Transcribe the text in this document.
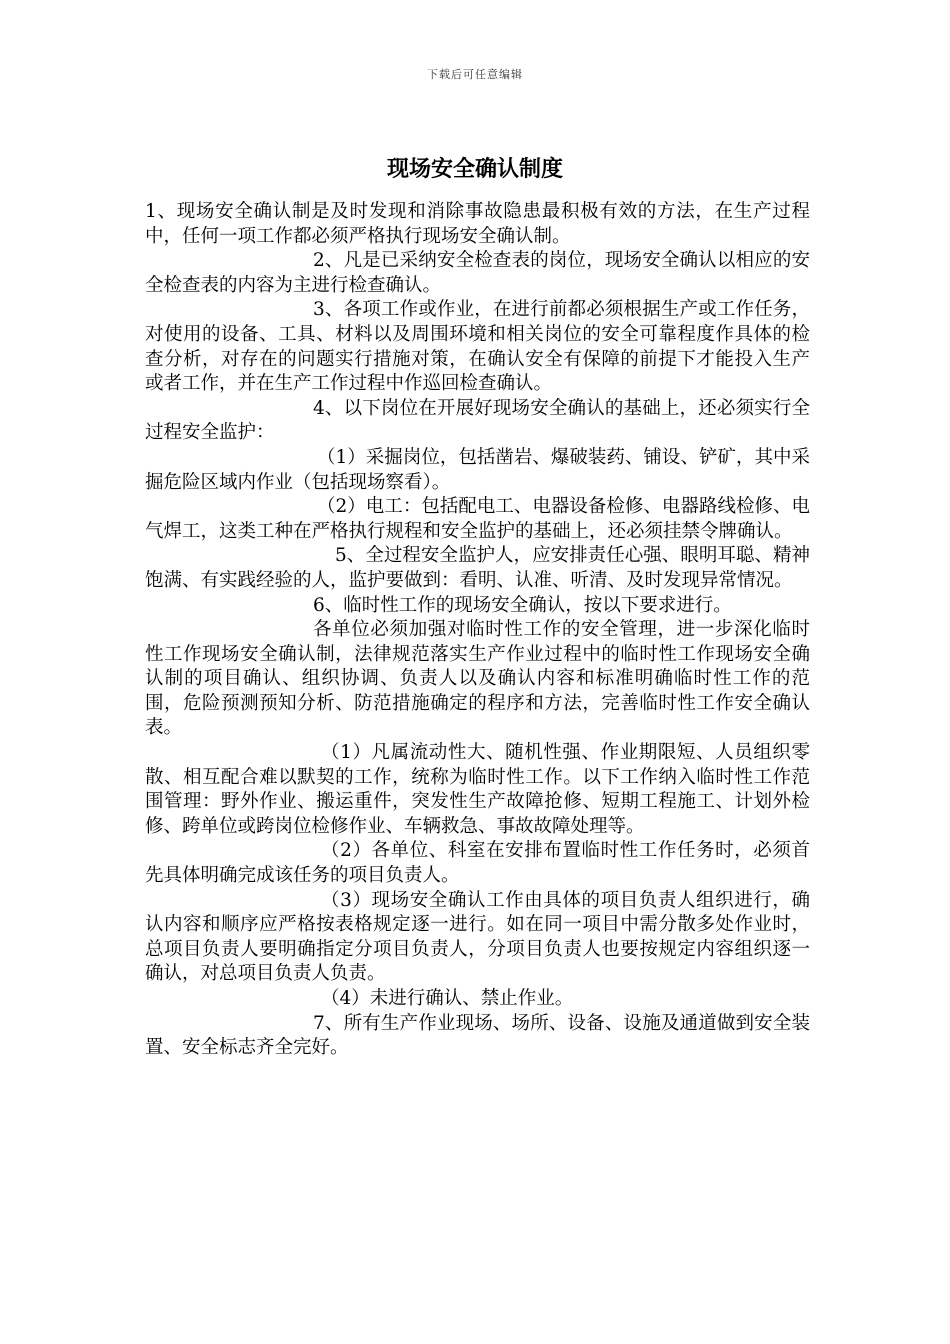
下载后可任意编辑
现场安全确认制度

1、现场安全确认制是及时发现和消除事故隐患最积极有效的方法，在生产过程中，任何一项工作都必须严格执行现场安全确认制。

2、凡是已采纳安全检查表的岗位，现场安全确认以相应的安全检查表的内容为主进行检查确认。

3、各项工作或作业，在进行前都必须根据生产或工作任务，对使用的设备、工具、材料以及周围环境和相关岗位的安全可靠程度作具体的检查分析，对存在的问题实行措施对策，在确认安全有保障的前提下才能投入生产或者工作，并在生产工作过程中作巡回检查确认。

4、以下岗位在开展好现场安全确认的基础上，还必须实行全过程安全监护：

（1）采掘岗位，包括凿岩、爆破装药、铺设、铲矿，其中采掘危险区域内作业（包括现场察看）。

（2）电工：包括配电工、电器设备检修、电器路线检修、电气焊工，这类工种在严格执行规程和安全监护的基础上，还必须挂禁令牌确认。

5、全过程安全监护人，应安排责任心强、眼明耳聪、精神饱满、有实践经验的人，监护要做到：看明、认准、听清、及时发现异常情况。

6、临时性工作的现场安全确认，按以下要求进行。

各单位必须加强对临时性工作的安全管理，进一步深化临时性工作现场安全确认制，法律规范落实生产作业过程中的临时性工作现场安全确认制的项目确认、组织协调、负责人以及确认内容和标准明确临时性工作的范围，危险预测预知分析、防范措施确定的程序和方法，完善临时性工作安全确认表。

（1）凡属流动性大、随机性强、作业期限短、人员组织零散、相互配合难以默契的工作，统称为临时性工作。以下工作纳入临时性工作范围管理：野外作业、搬运重件，突发性生产故障抢修、短期工程施工、计划外检修、跨单位或跨岗位检修作业、车辆救急、事故故障处理等。

（2）各单位、科室在安排布置临时性工作任务时，必须首先具体明确完成该任务的项目负责人。

（3）现场安全确认工作由具体的项目负责人组织进行，确认内容和顺序应严格按表格规定逐一进行。如在同一项目中需分散多处作业时，总项目负责人要明确指定分项目负责人，分项目负责人也要按规定内容组织逐一确认，对总项目负责人负责。

（4）未进行确认、禁止作业。

7、所有生产作业现场、场所、设备、设施及通道做到安全装置、安全标志齐全完好。
